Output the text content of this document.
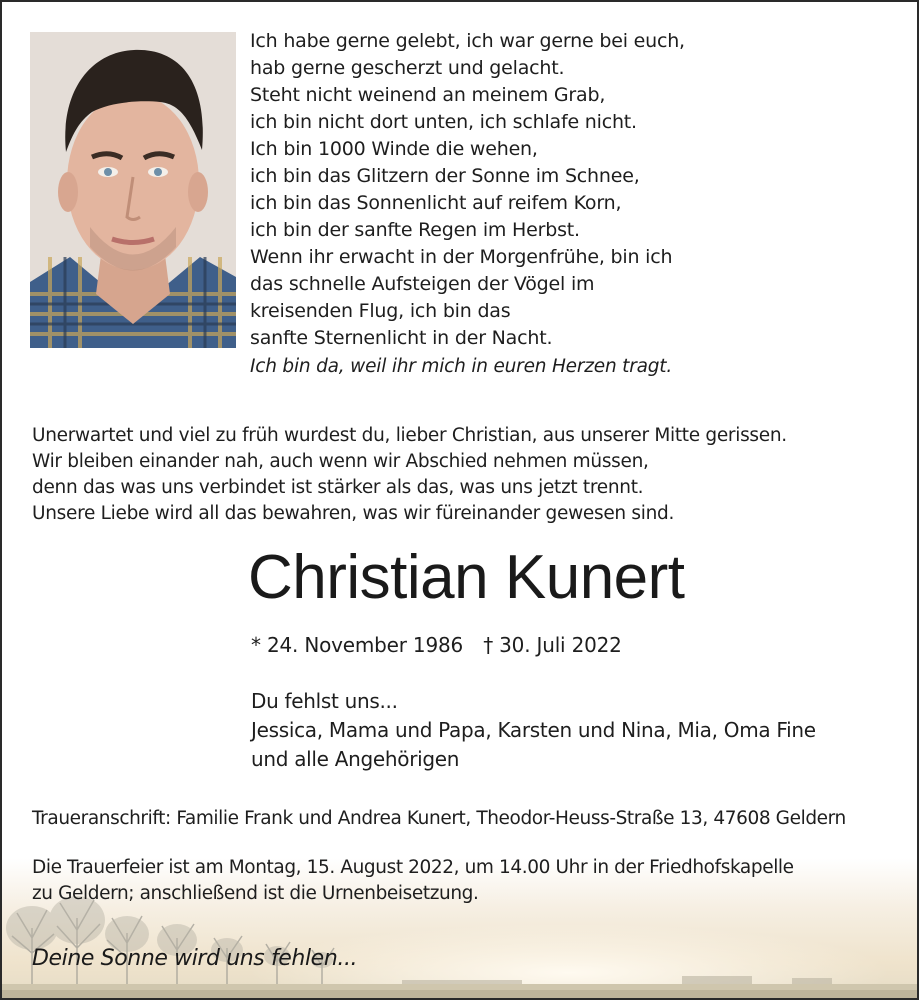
Ich habe gerne gelebt, ich war gerne bei euch,
hab gerne gescherzt und gelacht.
Steht nicht weinend an meinem Grab,
ich bin nicht dort unten, ich schlafe nicht.
Ich bin 1000 Winde die wehen,
ich bin das Glitzern der Sonne im Schnee,
ich bin das Sonnenlicht auf reifem Korn,
ich bin der sanfte Regen im Herbst.
Wenn ihr erwacht in der Morgenfrühe, bin ich
das schnelle Aufsteigen der Vögel im
kreisenden Flug, ich bin das
sanfte Sternenlicht in der Nacht.
Ich bin da, weil ihr mich in euren Herzen tragt.
Unerwartet und viel zu früh wurdest du, lieber Christian, aus unserer Mitte gerissen.
Wir bleiben einander nah, auch wenn wir Abschied nehmen müssen,
denn das was uns verbindet ist stärker als das, was uns jetzt trennt.
Unsere Liebe wird all das bewahren, was wir füreinander gewesen sind.
Christian Kunert
* 24. November 1986 † 30. Juli 2022
Du fehlst uns...
Jessica, Mama und Papa, Karsten und Nina, Mia, Oma Fine
und alle Angehörigen
Traueranschrift: Familie Frank und Andrea Kunert, Theodor-Heuss-Straße 13, 47608 Geldern
Die Trauerfeier ist am Montag, 15. August 2022, um 14.00 Uhr in der Friedhofskapelle
zu Geldern; anschließend ist die Urnenbeisetzung.
Deine Sonne wird uns fehlen...
